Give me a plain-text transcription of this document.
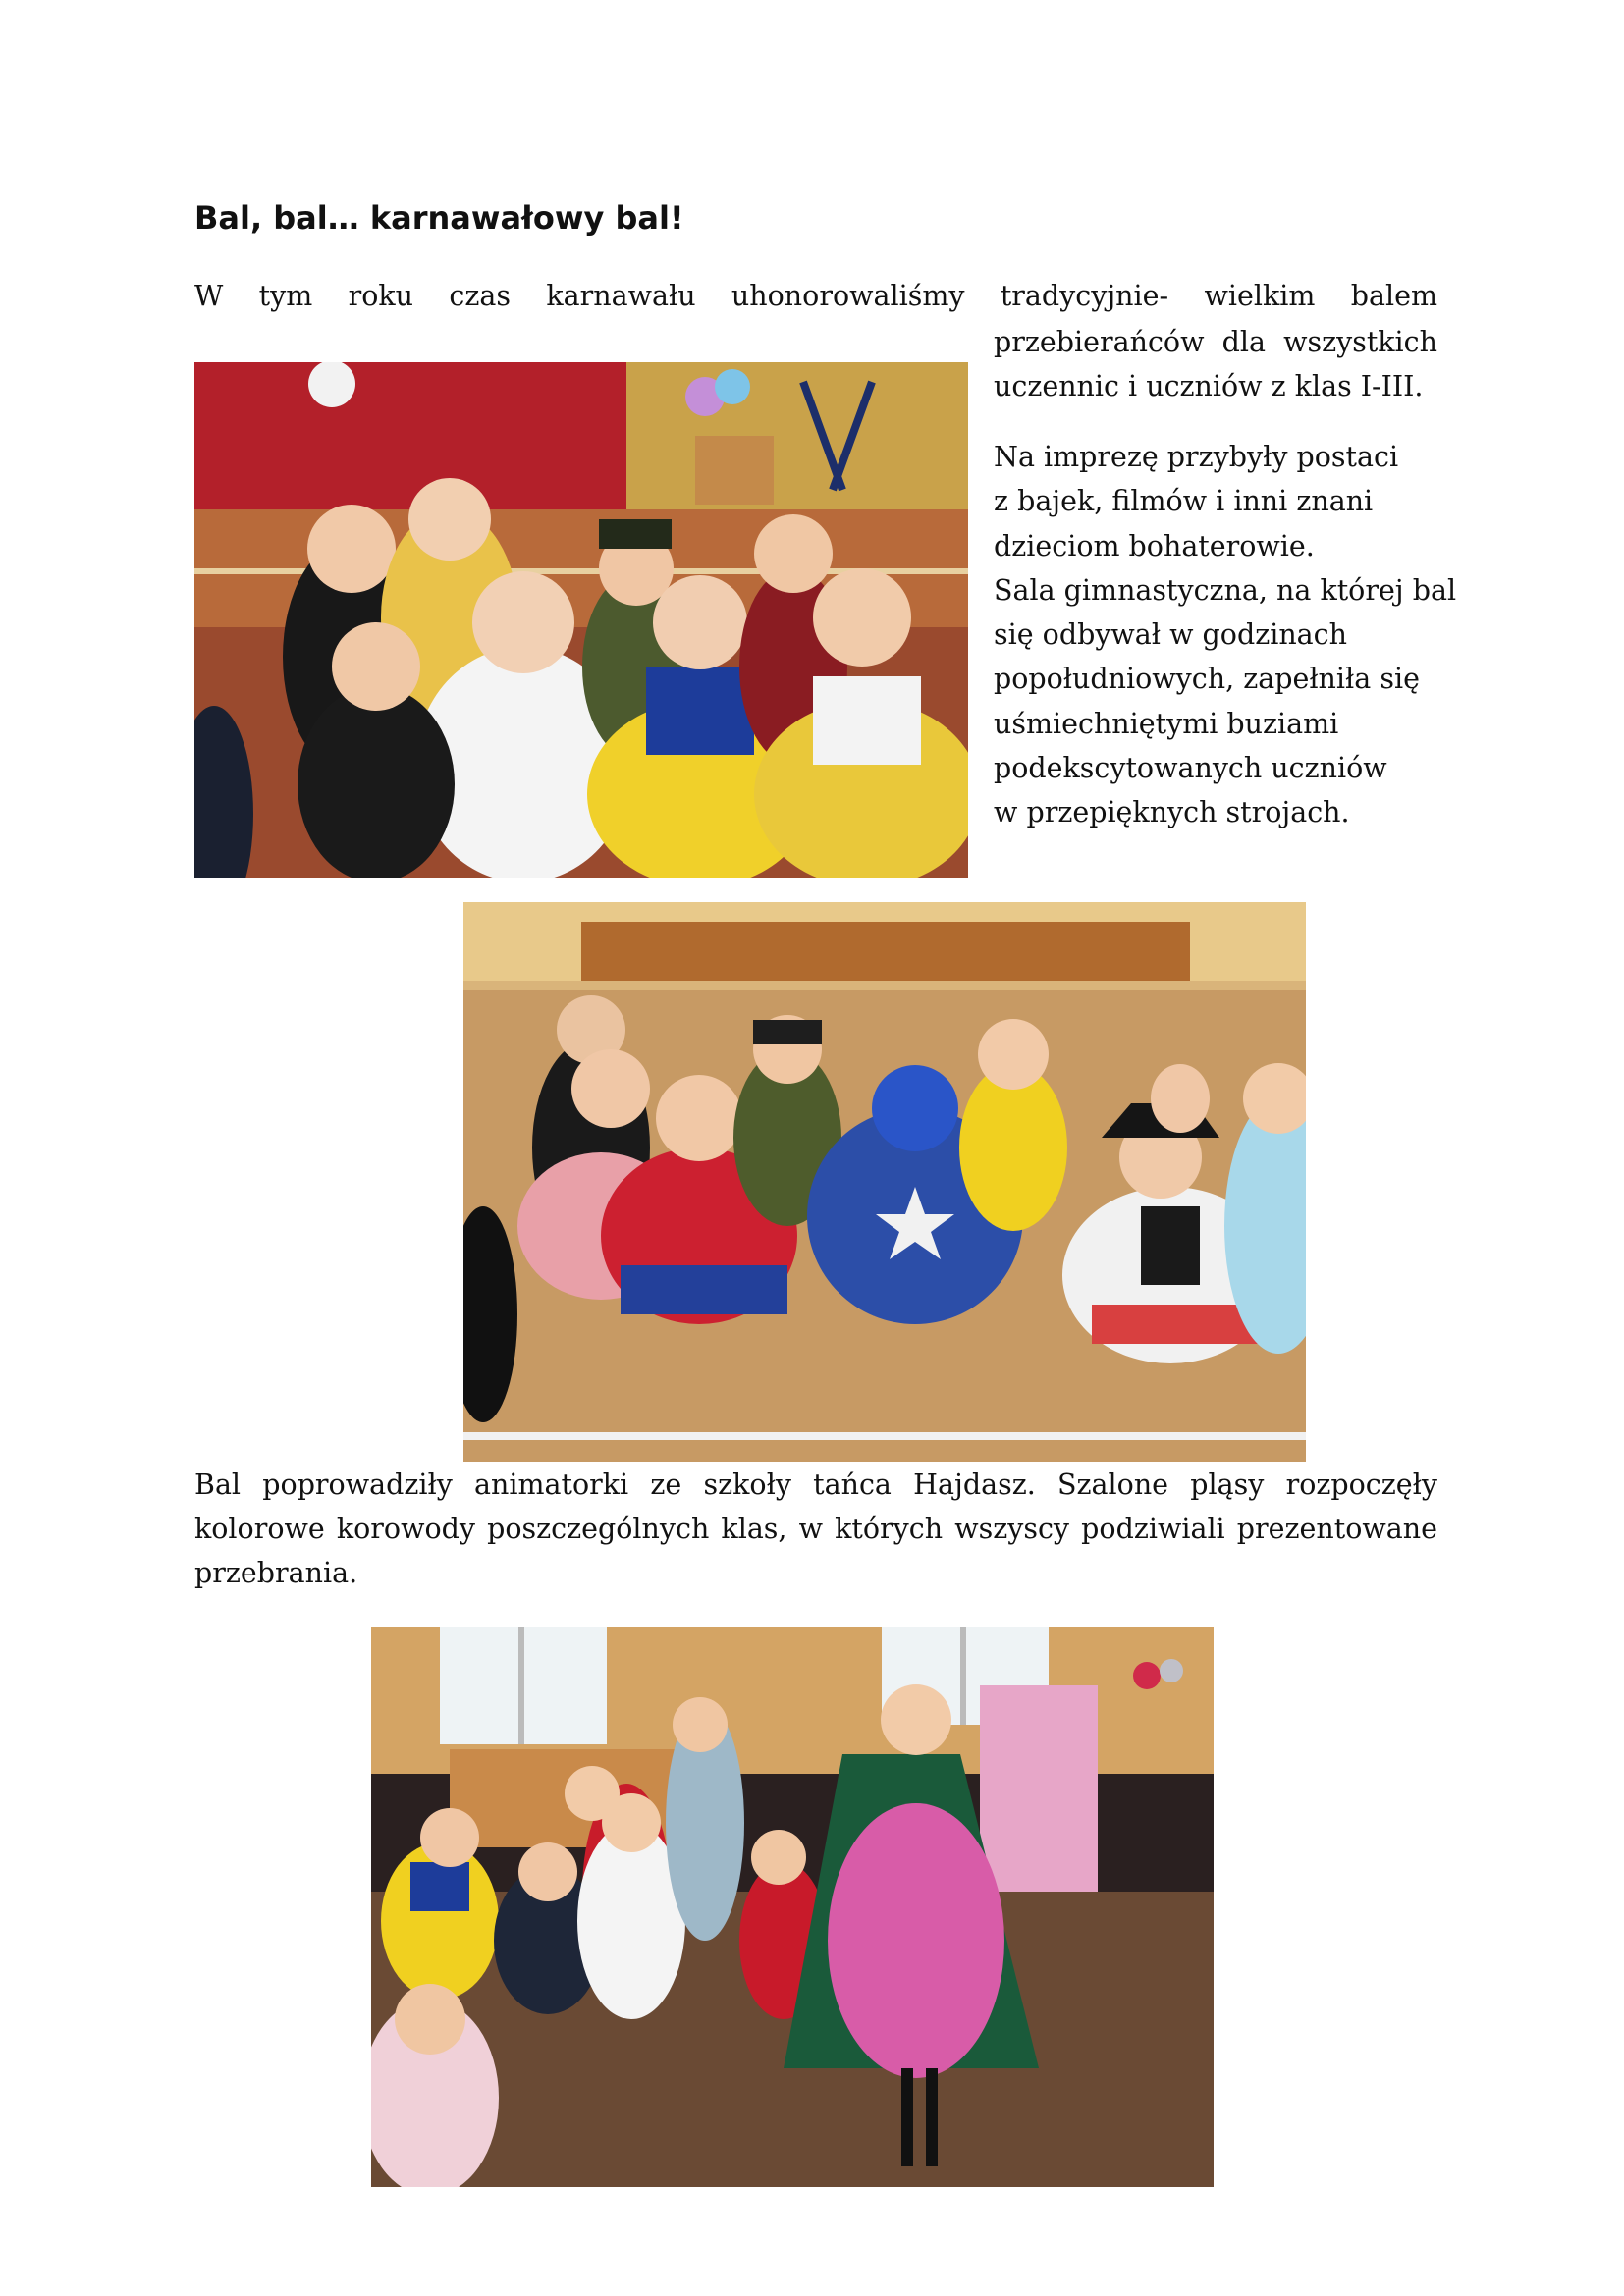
Bal, bal… karnawałowy bal!

W tym roku czas karnawału uhonorowaliśmy tradycyjnie- wielkim balem

przebierańców dla wszystkich
uczennic i uczniów z klas I-III.

Na imprezę przybyły postaci
z bajek, filmów i inni znani
dzieciom bohaterowie.
Sala gimnastyczna, na której bal
się odbywał w godzinach
popołudniowych, zapełniła się
uśmiechniętymi buziami
podekscytowanych uczniów
w przepięknych strojach.

Bal poprowadziły animatorki ze szkoły tańca Hajdasz. Szalone pląsy rozpoczęły
kolorowe korowody poszczególnych klas, w których wszyscy podziwiali prezentowane
przebrania.
